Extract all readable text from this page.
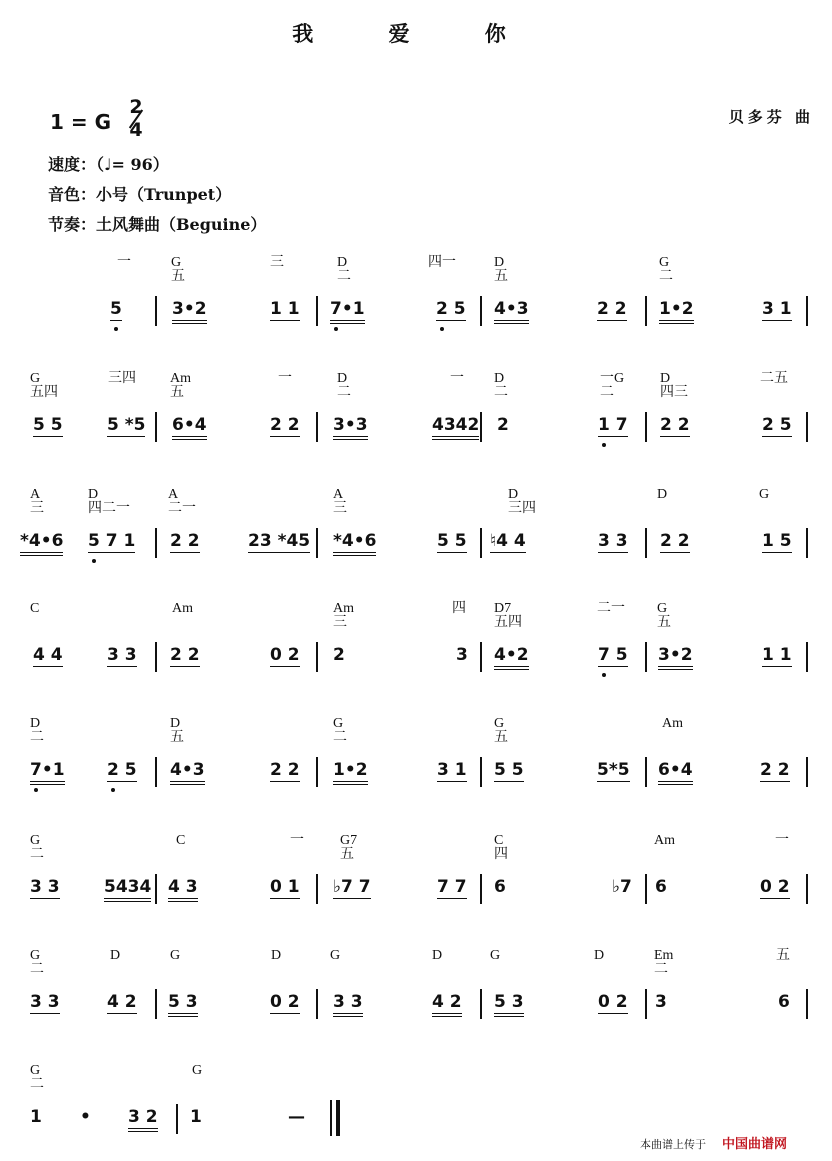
我 爱 你
贝多芬 曲
1 = G
2
4
速度：（♩= 96）
音色：小号（Trunpet）
节奏：土风舞曲（Beguine）
一	G
五
三	D
二
四一	D
五
G
二
5	3•2	1 1 7•1	2 5 4•3	2 2 1•2	3 1
G
五四
三四 Am
五
一	D
二
一 D
二
一G
二
D
四三
二五
5 5	5 *5 6•4	2 2 3•3	4342 2	1 7 2 2	2 5
A
三
D
四二一
A
二一
A
三
D
三四
D	G
*4•6 5 7 1 2 2	23 *45 *4•6	5 5 ♮4 4	3 3 2 2	1 5
C	Am	Am
三
四 D7
五四
二一 G
五
4 4	3 3 2 2	0 2 2	3 4•2	7 5 3•2	1 1
D
二
D
五
G
二
G
五
Am
7•1 2 5 4•3	2 2 1•2	3 1 5 5	5*5 6•4	2 2
G
二
C	一	G7
五
C
四
Am	一
3 3	5434 4 3	0 1 ♭7 7	7 7 6	♭7 6	0 2
G
二
D	G	D	G	D	G	D	Em
二
五
3 3	4 2 5 3	0 2 3 3	4 2 5 3	0 2 3	6
G
二
G
1 • 3 2 1	—
本曲谱上传于 中国曲谱网
